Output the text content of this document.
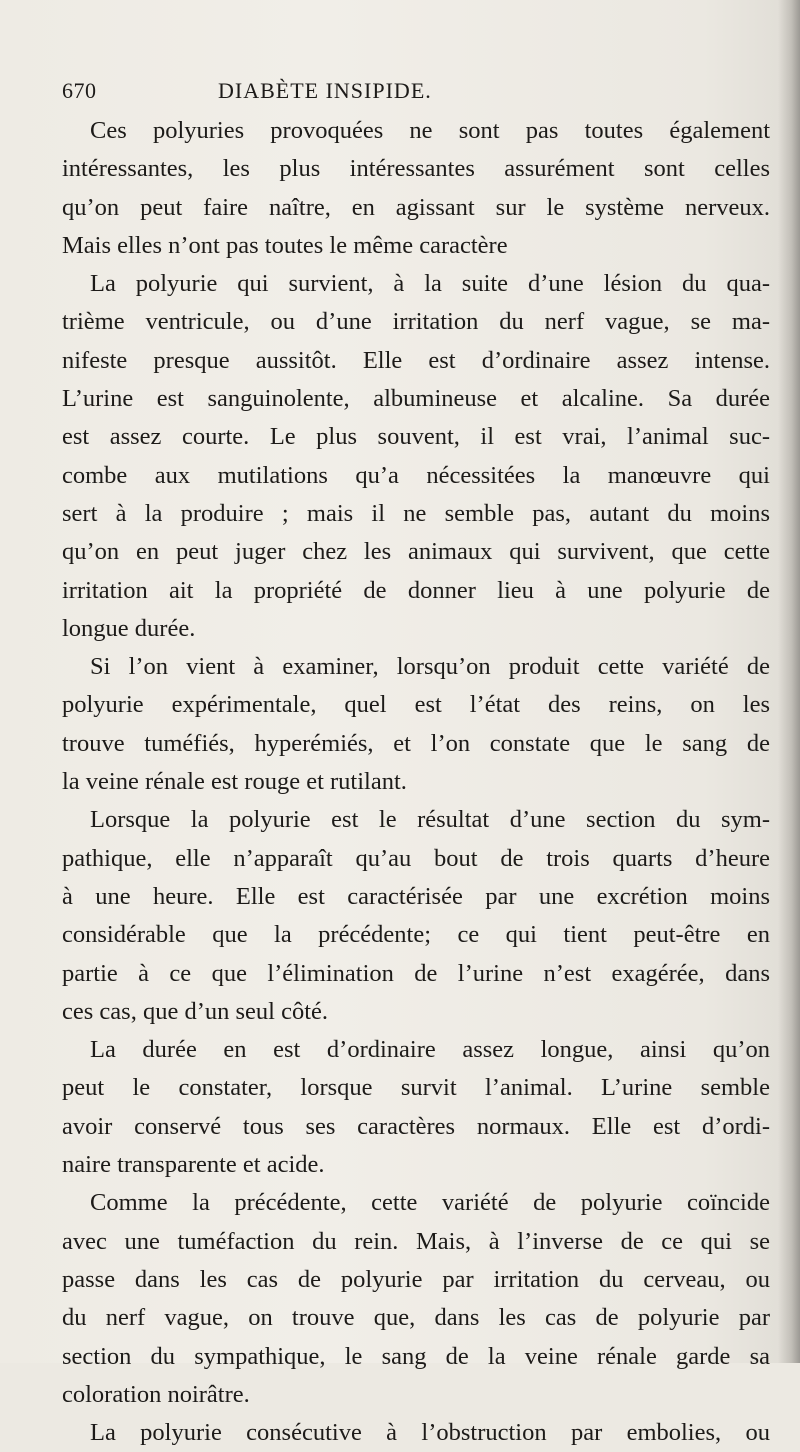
670	DIABÈTE INSIPIDE.
Ces polyuries provoquées ne sont pas toutes également
intéressantes, les plus intéressantes assurément sont celles
qu’on peut faire naître, en agissant sur le système nerveux.
Mais elles n’ont pas toutes le même caractère
La polyurie qui survient, à la suite d’une lésion du qua-
trième ventricule, ou d’une irritation du nerf vague, se ma-
nifeste presque aussitôt. Elle est d’ordinaire assez intense.
L’urine est sanguinolente, albumineuse et alcaline. Sa durée
est assez courte. Le plus souvent, il est vrai, l’animal suc-
combe aux mutilations qu’a nécessitées la manœuvre qui
sert à la produire ; mais il ne semble pas, autant du moins
qu’on en peut juger chez les animaux qui survivent, que cette
irritation ait la propriété de donner lieu à une polyurie de
longue durée.
Si l’on vient à examiner, lorsqu’on produit cette variété de
polyurie expérimentale, quel est l’état des reins, on les
trouve tuméfiés, hyperémiés, et l’on constate que le sang de
la veine rénale est rouge et rutilant.
Lorsque la polyurie est le résultat d’une section du sym-
pathique, elle n’apparaît qu’au bout de trois quarts d’heure
à une heure. Elle est caractérisée par une excrétion moins
considérable que la précédente; ce qui tient peut-être en
partie à ce que l’élimination de l’urine n’est exagérée, dans
ces cas, que d’un seul côté.
La durée en est d’ordinaire assez longue, ainsi qu’on
peut le constater, lorsque survit l’animal. L’urine semble
avoir conservé tous ses caractères normaux. Elle est d’ordi-
naire transparente et acide.
Comme la précédente, cette variété de polyurie coïncide
avec une tuméfaction du rein. Mais, à l’inverse de ce qui se
passe dans les cas de polyurie par irritation du cerveau, ou
du nerf vague, on trouve que, dans les cas de polyurie par
section du sympathique, le sang de la veine rénale garde sa
coloration noirâtre.
La polyurie consécutive à l’obstruction par embolies, ou
